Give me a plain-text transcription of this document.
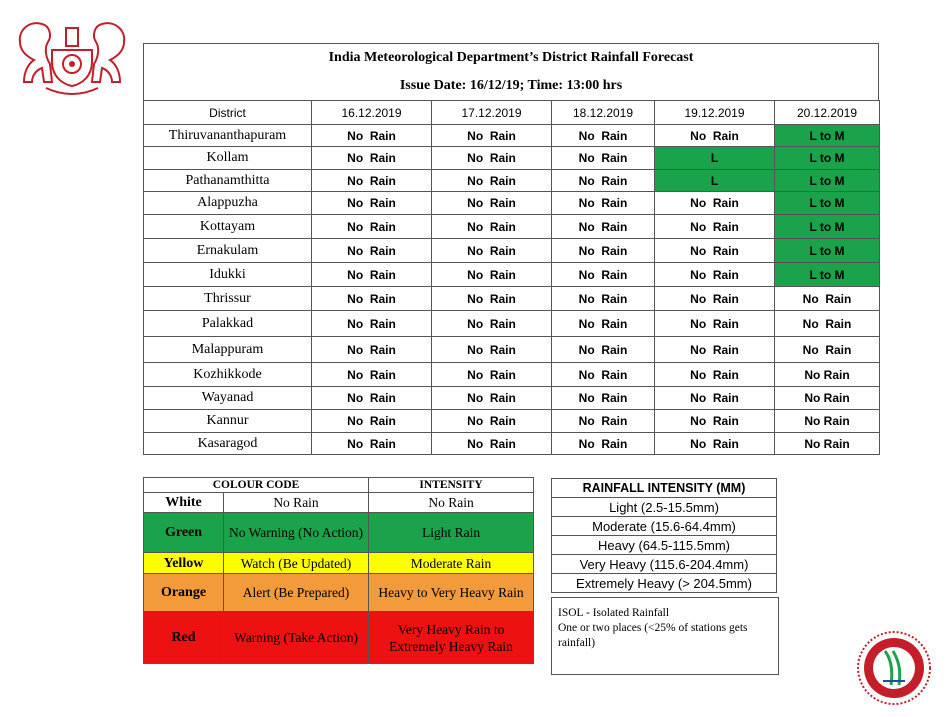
India Meteorological Department’s District Rainfall Forecast
Issue Date: 16/12/19; Time: 13:00 hrs
District	16.12.2019	17.12.2019	18.12.2019	19.12.2019	20.12.2019
Thiruvananthapuram	No  Rain	No  Rain	No  Rain	No  Rain	L to M
Kollam	No  Rain	No  Rain	No  Rain	L	L to M
Pathanamthitta	No  Rain	No  Rain	No  Rain	L	L to M
Alappuzha	No  Rain	No  Rain	No  Rain	No  Rain	L to M
Kottayam	No  Rain	No  Rain	No  Rain	No  Rain	L to M
Ernakulam	No  Rain	No  Rain	No  Rain	No  Rain	L to M
Idukki	No  Rain	No  Rain	No  Rain	No  Rain	L to M
Thrissur	No  Rain	No  Rain	No  Rain	No  Rain	No  Rain
Palakkad	No  Rain	No  Rain	No  Rain	No  Rain	No  Rain
Malappuram	No  Rain	No  Rain	No  Rain	No  Rain	No  Rain
Kozhikkode	No  Rain	No  Rain	No  Rain	No  Rain	No Rain
Wayanad	No  Rain	No  Rain	No  Rain	No  Rain	No Rain
Kannur	No  Rain	No  Rain	No  Rain	No  Rain	No Rain
Kasaragod	No  Rain	No  Rain	No  Rain	No  Rain	No Rain
COLOUR CODE		INTENSITY
White	No Rain	No Rain
Green	No Warning (No Action)	Light Rain
Yellow	Watch (Be Updated)	Moderate Rain
Orange	Alert (Be Prepared)	Heavy to Very Heavy Rain
Red	Warning (Take Action)	Very Heavy Rain to Extremely Heavy Rain
RAINFALL INTENSITY (MM)
Light (2.5-15.5mm)
Moderate (15.6-64.4mm)
Heavy (64.5-115.5mm)
Very Heavy (115.6-204.4mm)
Extremely Heavy (> 204.5mm)
ISOL - Isolated Rainfall
One or two places (<25% of stations gets rainfall)
